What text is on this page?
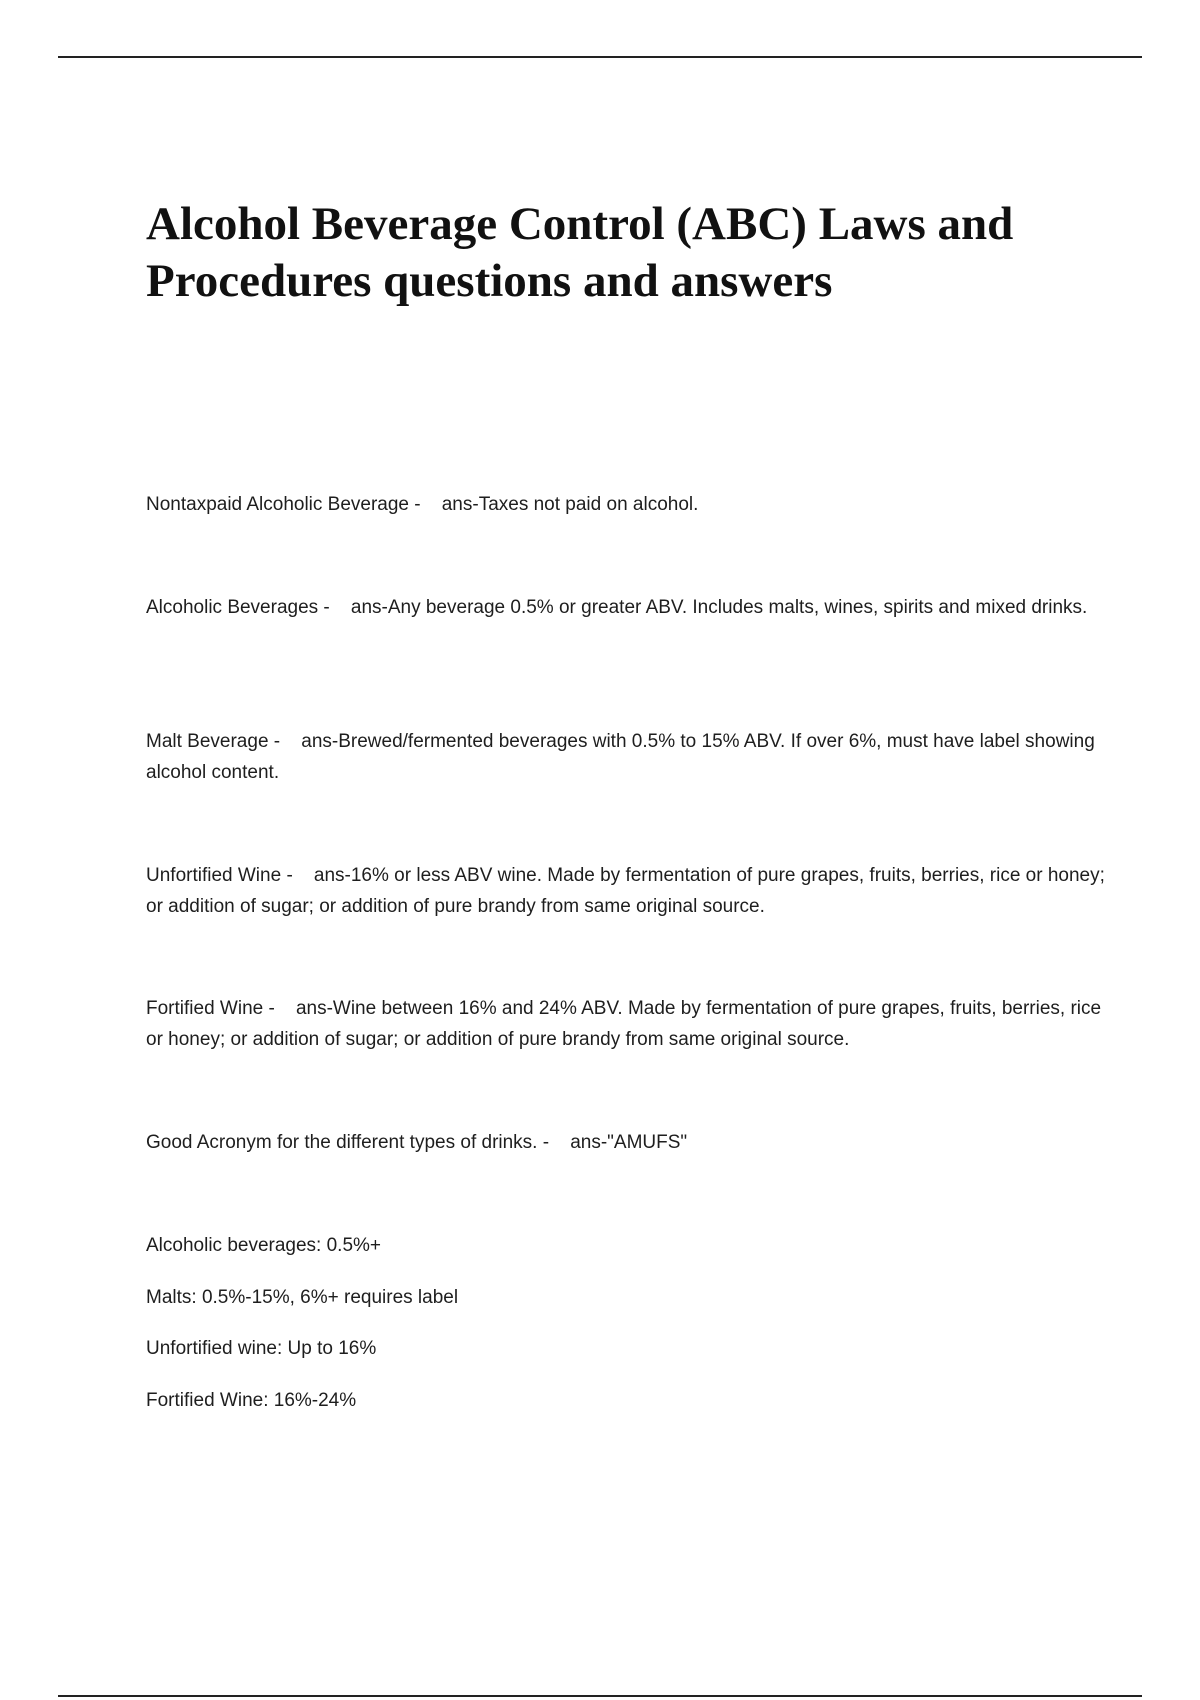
Alcohol Beverage Control (ABC) Laws and Procedures questions and answers
Nontaxpaid Alcoholic Beverage - ans-Taxes not paid on alcohol.
Alcoholic Beverages - ans-Any beverage 0.5% or greater ABV. Includes malts, wines, spirits and mixed drinks.
Malt Beverage - ans-Brewed/fermented beverages with 0.5% to 15% ABV. If over 6%, must have label showing alcohol content.
Unfortified Wine - ans-16% or less ABV wine. Made by fermentation of pure grapes, fruits, berries, rice or honey; or addition of sugar; or addition of pure brandy from same original source.
Fortified Wine - ans-Wine between 16% and 24% ABV. Made by fermentation of pure grapes, fruits, berries, rice or honey; or addition of sugar; or addition of pure brandy from same original source.
Good Acronym for the different types of drinks. - ans-"AMUFS"
Alcoholic beverages: 0.5%+
Malts: 0.5%-15%, 6%+ requires label
Unfortified wine: Up to 16%
Fortified Wine: 16%-24%
